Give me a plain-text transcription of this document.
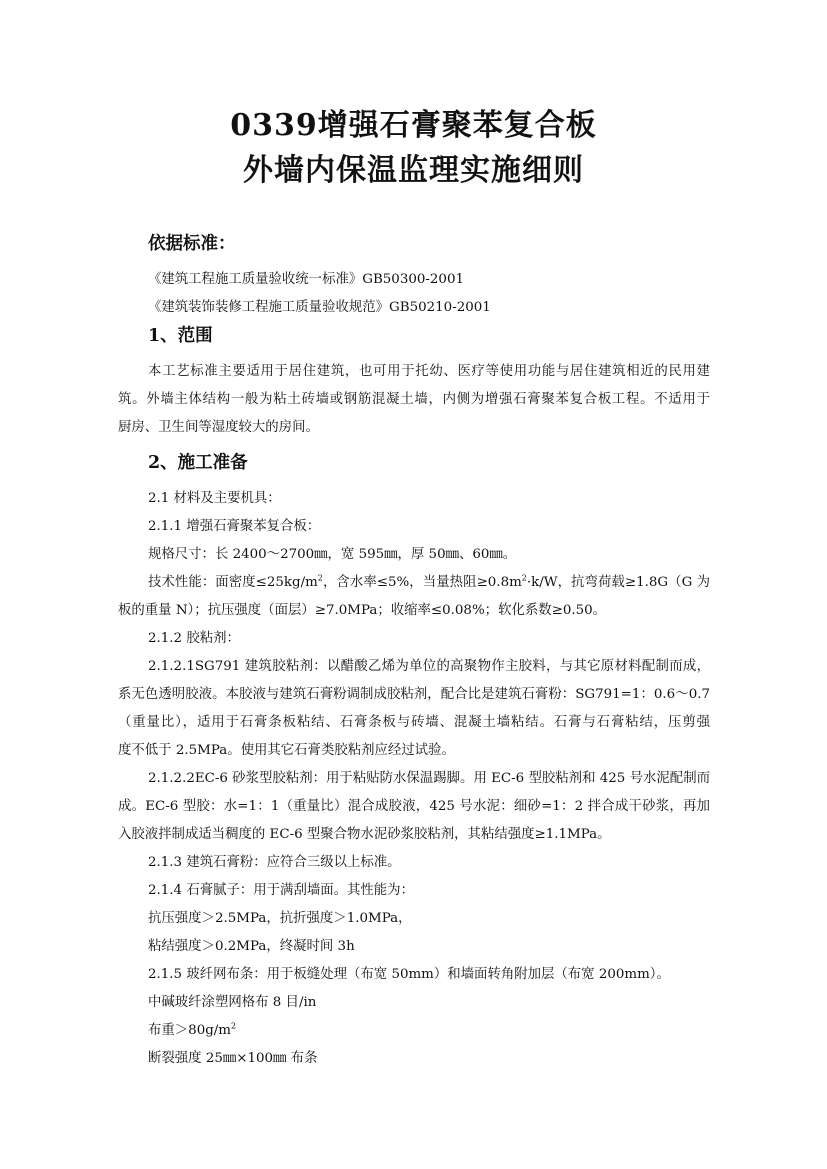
0339增强石膏聚苯复合板
外墙内保温监理实施细则
依据标准：
《建筑工程施工质量验收统一标准》GB50300-2001
《建筑装饰装修工程施工质量验收规范》GB50210-2001
1、范围
本工艺标准主要适用于居住建筑，也可用于托幼、医疗等使用功能与居住建筑相近的民用建
筑。外墙主体结构一般为粘土砖墙或钢筋混凝土墙，内侧为增强石膏聚苯复合板工程。不适用于
厨房、卫生间等湿度较大的房间。
2、施工准备
2.1 材料及主要机具：
2.1.1 增强石膏聚苯复合板：
规格尺寸：长 2400～2700㎜，宽 595㎜，厚 50㎜、60㎜。
技术性能：面密度$\le 25kg/m^2$，含水率≤5%，当量热阻$\ge 0.8m^2\cdot k/W$，抗弯荷载≥1.8G（G 为
板的重量 N）；抗压强度（面层）≥7.0MPa；收缩率≤0.08%；软化系数≥0.50。
2.1.2 胶粘剂：
2.1.2.1SG791 建筑胶粘剂：以醋酸乙烯为单位的高聚物作主胶料，与其它原材料配制而成，
系无色透明胶液。本胶液与建筑石膏粉调制成胶粘剂，配合比是建筑石膏粉：SG791=1：0.6～0.7
（重量比），适用于石膏条板粘结、石膏条板与砖墙、混凝土墙粘结。石膏与石膏粘结，压剪强
度不低于 2.5MPa。使用其它石膏类胶粘剂应经过试验。
2.1.2.2EC-6 砂浆型胶粘剂：用于粘贴防水保温踢脚。用 EC-6 型胶粘剂和 425 号水泥配制而
成。EC-6 型胶：水=1：1（重量比）混合成胶液，425 号水泥：细砂=1：2 拌合成干砂浆，再加
入胶液拌制成适当稠度的 EC-6 型聚合物水泥砂浆胶粘剂，其粘结强度≥1.1MPa。
2.1.3 建筑石膏粉：应符合三级以上标准。
2.1.4 石膏腻子：用于满刮墙面。其性能为：
抗压强度＞2.5MPa，抗折强度＞1.0MPa，
粘结强度＞0.2MPa，终凝时间 3h
2.1.5 玻纤网布条：用于板缝处理（布宽 50mm）和墙面转角附加层（布宽 200mm）。
中碱玻纤涂塑网格布 8 目/in
布重$>80g/m^2$
断裂强度 25㎜×100㎜ 布条
